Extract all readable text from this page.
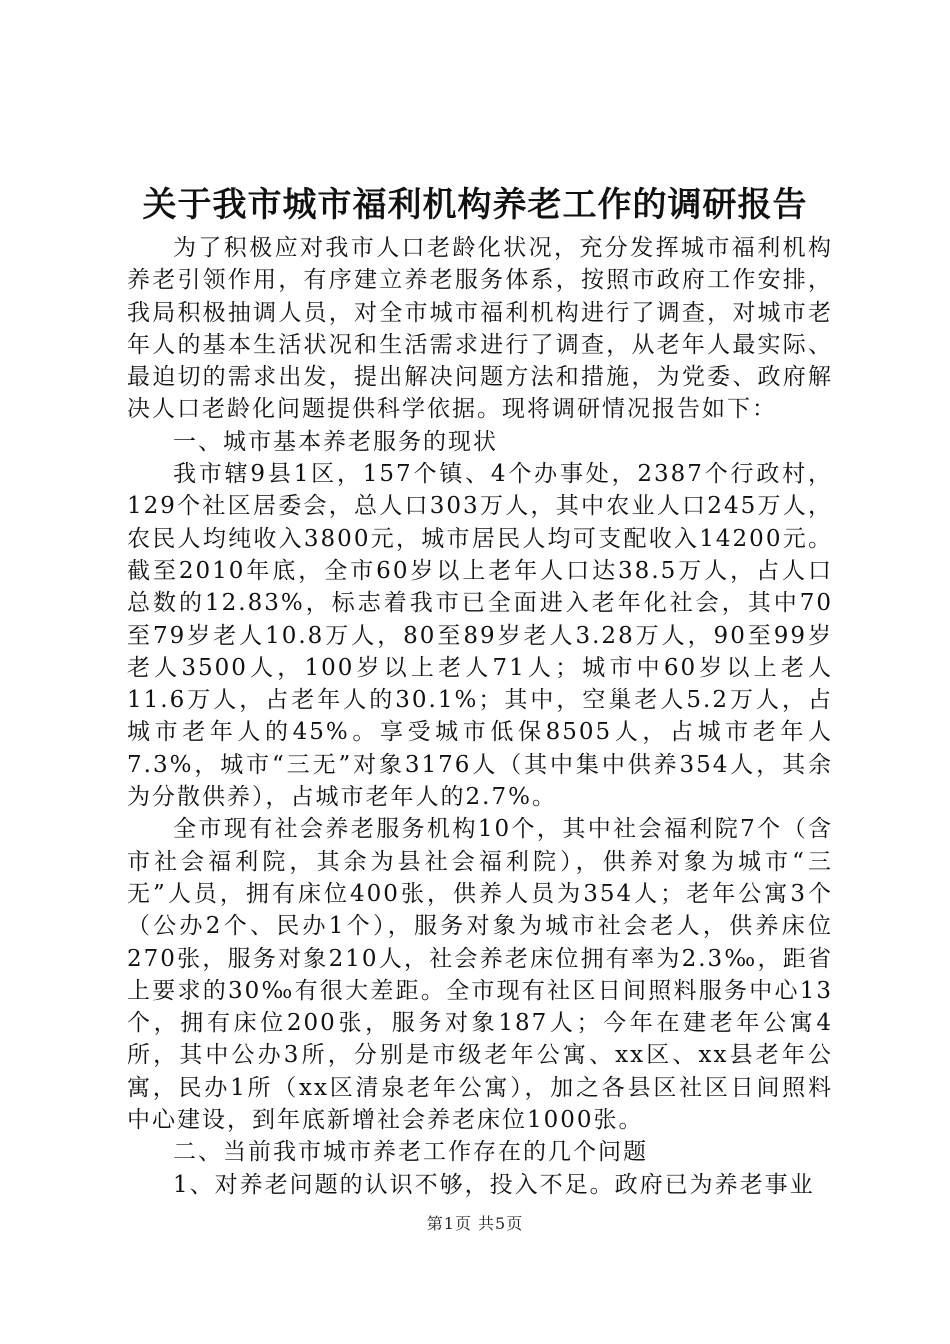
关于我市城市福利机构养老工作的调研报告

为了积极应对我市人口老龄化状况，充分发挥城市福利机构养老引领作用，有序建立养老服务体系，按照市政府工作安排，我局积极抽调人员，对全市城市福利机构进行了调查，对城市老年人的基本生活状况和生活需求进行了调查，从老年人最实际、最迫切的需求出发，提出解决问题方法和措施，为党委、政府解决人口老龄化问题提供科学依据。现将调研情况报告如下：

一、城市基本养老服务的现状

我市辖9县1区，157个镇、4个办事处，2387个行政村，129个社区居委会，总人口303万人，其中农业人口245万人，农民人均纯收入3800元，城市居民人均可支配收入14200元。截至2010年底，全市60岁以上老年人口达38.5万人，占人口总数的12.83%，标志着我市已全面进入老年化社会，其中70至79岁老人10.8万人，80至89岁老人3.28万人，90至99岁老人3500人，100岁以上老人71人；城市中60岁以上老人11.6万人，占老年人的30.1%；其中，空巢老人5.2万人，占城市老年人的45%。享受城市低保8505人，占城市老年人7.3%，城市“三无”对象3176人（其中集中供养354人，其余为分散供养），占城市老年人的2.7%。

全市现有社会养老服务机构10个，其中社会福利院7个（含市社会福利院，其余为县社会福利院），供养对象为城市“三无”人员，拥有床位400张，供养人员为354人；老年公寓3个（公办2个、民办1个），服务对象为城市社会老人，供养床位270张，服务对象210人，社会养老床位拥有率为2.3‰，距省上要求的30‰有很大差距。全市现有社区日间照料服务中心13个，拥有床位200张，服务对象187人；今年在建老年公寓4所，其中公办3所，分别是市级老年公寓、xx区、xx县老年公寓，民办1所（xx区清泉老年公寓），加之各县区社区日间照料中心建设，到年底新增社会养老床位1000张。

二、当前我市城市养老工作存在的几个问题

1、对养老问题的认识不够，投入不足。政府已为养老事业

第1页 共5页
